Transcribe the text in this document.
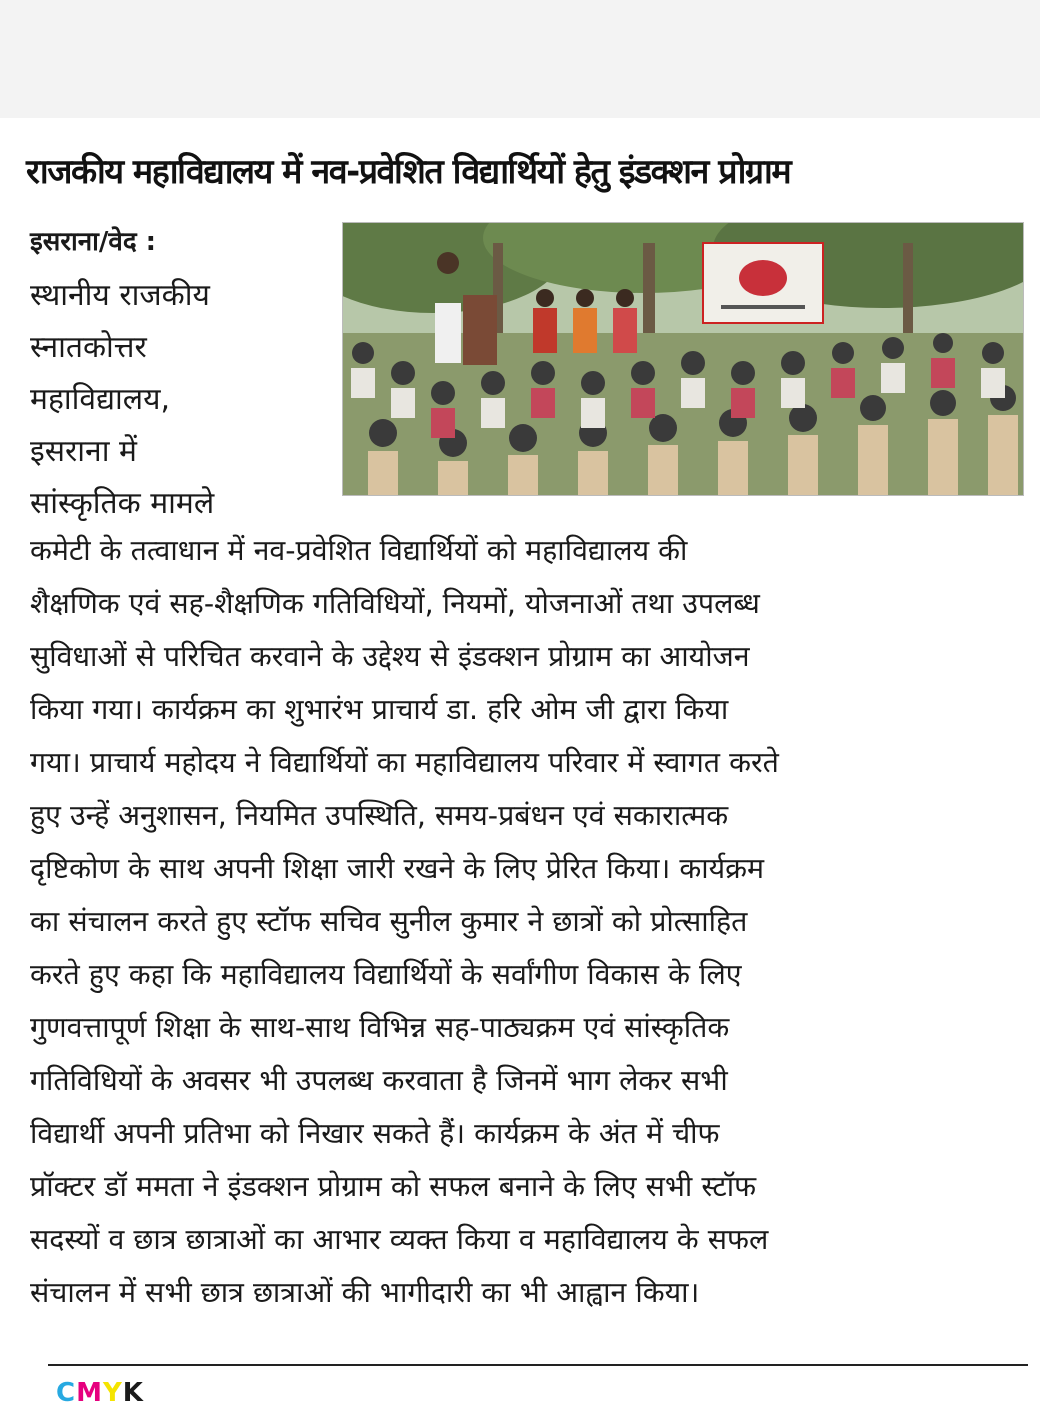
राजकीय महाविद्यालय में नव-प्रवेशित विद्यार्थियों हेतु इंडक्शन प्रोग्राम
इसराना/वेद :
स्थानीय राजकीय
स्नातकोत्तर
महाविद्यालय,
इसराना में
सांस्कृतिक मामले
कमेटी के तत्वाधान में नव-प्रवेशित विद्यार्थियों को महाविद्यालय की
शैक्षणिक एवं सह-शैक्षणिक गतिविधियों, नियमों, योजनाओं तथा उपलब्ध
सुविधाओं से परिचित करवाने के उद्देश्य से इंडक्शन प्रोग्राम का आयोजन
किया गया। कार्यक्रम का शुभारंभ प्राचार्य डा. हरि ओम जी द्वारा किया
गया। प्राचार्य महोदय ने विद्यार्थियों का महाविद्यालय परिवार में स्वागत करते
हुए उन्हें अनुशासन, नियमित उपस्थिति, समय-प्रबंधन एवं सकारात्मक
दृष्टिकोण के साथ अपनी शिक्षा जारी रखने के लिए प्रेरित किया। कार्यक्रम
का संचालन करते हुए स्टॉफ सचिव सुनील कुमार ने छात्रों को प्रोत्साहित
करते हुए कहा कि महाविद्यालय विद्यार्थियों के सर्वांगीण विकास के लिए
गुणवत्तापूर्ण शिक्षा के साथ-साथ विभिन्न सह-पाठ्यक्रम एवं सांस्कृतिक
गतिविधियों के अवसर भी उपलब्ध करवाता है जिनमें भाग लेकर सभी
विद्यार्थी अपनी प्रतिभा को निखार सकते हैं। कार्यक्रम के अंत में चीफ
प्रॉक्टर डॉ ममता ने इंडक्शन प्रोग्राम को सफल बनाने के लिए सभी स्टॉफ
सदस्यों व छात्र छात्राओं का आभार व्यक्त किया व महाविद्यालय के सफल
संचालन में सभी छात्र छात्राओं की भागीदारी का भी आह्वान किया।
CMYK
